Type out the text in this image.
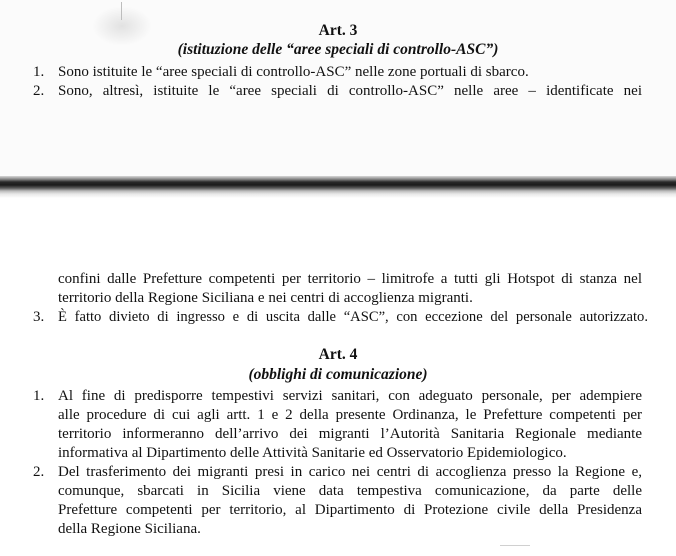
Art. 3
(istituzione delle “aree speciali di controllo-ASC”)
1. Sono istituite le “aree speciali di controllo-ASC” nelle zone portuali di sbarco.
2. Sono, altresì, istituite le “aree speciali di controllo-ASC” nelle aree – identificate nei
confini dalle Prefetture competenti per territorio – limitrofe a tutti gli Hotspot di stanza nel
territorio della Regione Siciliana e nei centri di accoglienza migranti.
3. È fatto divieto di ingresso e di uscita dalle “ASC”, con eccezione del personale autorizzato.
Art. 4
(obblighi di comunicazione)
1. Al fine di predisporre tempestivi servizi sanitari, con adeguato personale, per adempiere
alle procedure di cui agli artt. 1 e 2 della presente Ordinanza, le Prefetture competenti per
territorio informeranno dell’arrivo dei migranti l’Autorità Sanitaria Regionale mediante
informativa al Dipartimento delle Attività Sanitarie ed Osservatorio Epidemiologico.
2. Del trasferimento dei migranti presi in carico nei centri di accoglienza presso la Regione e,
comunque, sbarcati in Sicilia viene data tempestiva comunicazione, da parte delle
Prefetture competenti per territorio, al Dipartimento di Protezione civile della Presidenza
della Regione Siciliana.
